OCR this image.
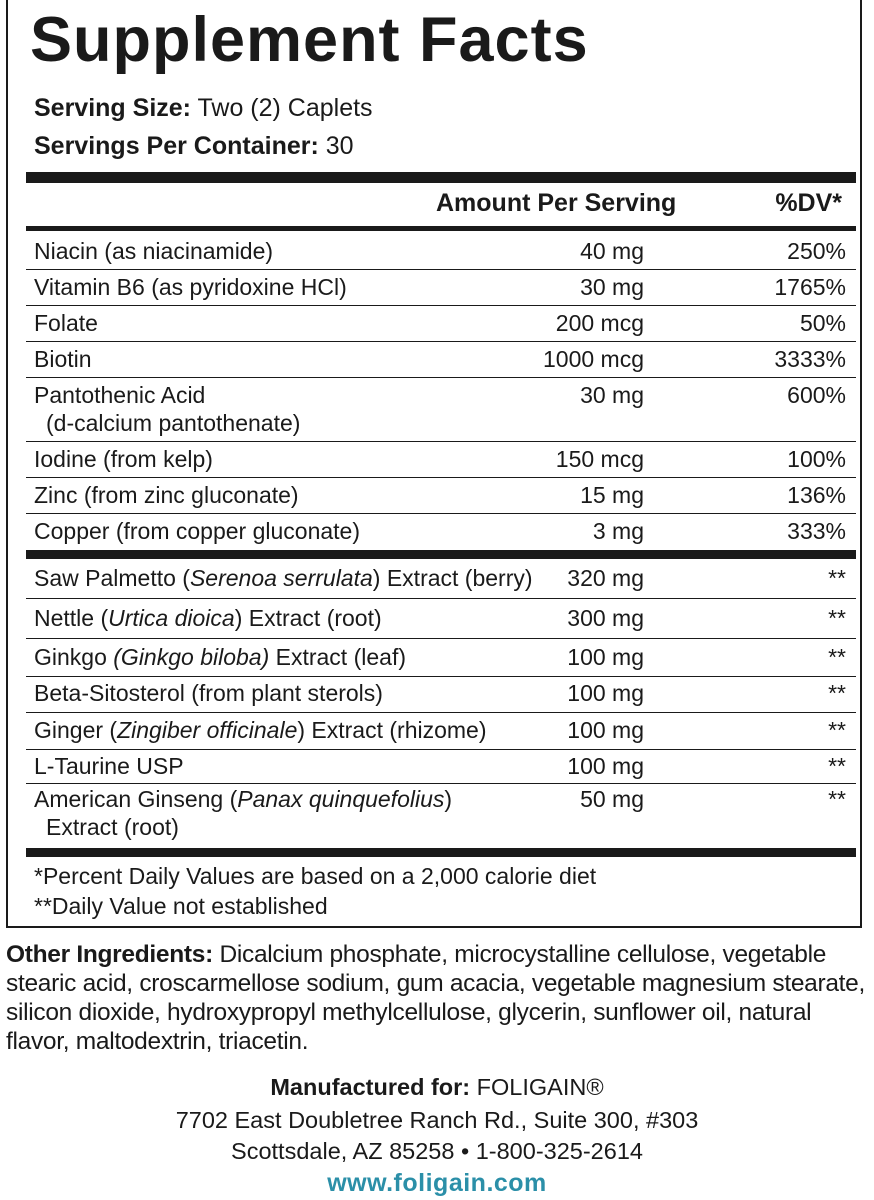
Supplement Facts
Serving Size: Two (2) Caplets
Servings Per Container: 30
Amount Per Serving	%DV*
Niacin (as niacinamide)	40 mg	250%
Vitamin B6 (as pyridoxine HCl)	30 mg	1765%
Folate	200 mcg	50%
Biotin	1000 mcg	3333%
Pantothenic Acid
(d-calcium pantothenate)
30 mg	600%
Iodine (from kelp)	150 mcg	100%
Zinc (from zinc gluconate)	15 mg	136%
Copper (from copper gluconate)	3 mg	333%
Saw Palmetto (Serenoa serrulata) Extract (berry) 320 mg	**
Nettle (Urtica dioica) Extract (root)	300 mg	**
Ginkgo (Ginkgo biloba) Extract (leaf)	100 mg	**
Beta-Sitosterol (from plant sterols)	100 mg	**
Ginger (Zingiber officinale) Extract (rhizome)	100 mg	**
L-Taurine USP	100 mg	**
American Ginseng (Panax quinquefolius)
Extract (root)
50 mg	**
*Percent Daily Values are based on a 2,000 calorie diet
**Daily Value not established
Other Ingredients: Dicalcium phosphate, microcystalline cellulose, vegetable stearic acid, croscarmellose sodium, gum acacia, vegetable magnesium stearate, silicon dioxide, hydroxypropyl methylcellulose, glycerin, sunflower oil, natural flavor, maltodextrin, triacetin.
Manufactured for: FOLIGAIN®
7702 East Doubletree Ranch Rd., Suite 300, #303
Scottsdale, AZ 85258 • 1-800-325-2614
www.foligain.com
